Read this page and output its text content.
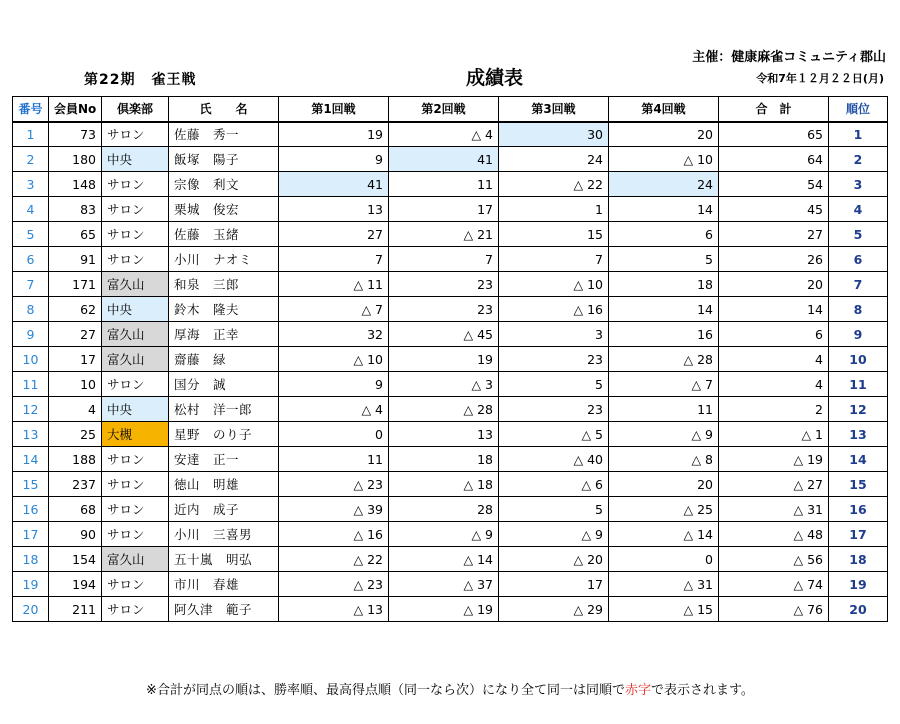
主催：健康麻雀コミュニティ郡山
第22期 雀王戦	成績表	令和7年１２月２２日(月)
番号	会員No	倶楽部	氏　　名	第1回戦	第2回戦	第3回戦	第4回戦	合　計	順位
1	73	サロン	佐藤　秀一	19	△ 4	30	20	65	1
2	180	中央	飯塚　陽子	9	41	24	△ 10	64	2
3	148	サロン	宗像　利文	41	11	△ 22	24	54	3
4	83	サロン	栗城　俊宏	13	17	1	14	45	4
5	65	サロン	佐藤　玉緒	27	△ 21	15	6	27	5
6	91	サロン	小川　ナオミ	7	7	7	5	26	6
7	171	富久山	和泉　三郎	△ 11	23	△ 10	18	20	7
8	62	中央	鈴木　隆夫	△ 7	23	△ 16	14	14	8
9	27	富久山	厚海　正幸	32	△ 45	3	16	6	9
10	17	富久山	齋藤　緑	△ 10	19	23	△ 28	4	10
11	10	サロン	国分　誠	9	△ 3	5	△ 7	4	11
12	4	中央	松村　洋一郎	△ 4	△ 28	23	11	2	12
13	25	大槻	星野　のり子	0	13	△ 5	△ 9	△ 1	13
14	188	サロン	安達　正一	11	18	△ 40	△ 8	△ 19	14
15	237	サロン	徳山　明雄	△ 23	△ 18	△ 6	20	△ 27	15
16	68	サロン	近内　成子	△ 39	28	5	△ 25	△ 31	16
17	90	サロン	小川　三喜男	△ 16	△ 9	△ 9	△ 14	△ 48	17
18	154	富久山	五十嵐　明弘	△ 22	△ 14	△ 20	0	△ 56	18
19	194	サロン	市川　春雄	△ 23	△ 37	17	△ 31	△ 74	19
20	211	サロン	阿久津　範子	△ 13	△ 19	△ 29	△ 15	△ 76	20
※合計が同点の順は、勝率順、最高得点順（同一なら次）になり全て同一は同順で赤字で表示されます。
